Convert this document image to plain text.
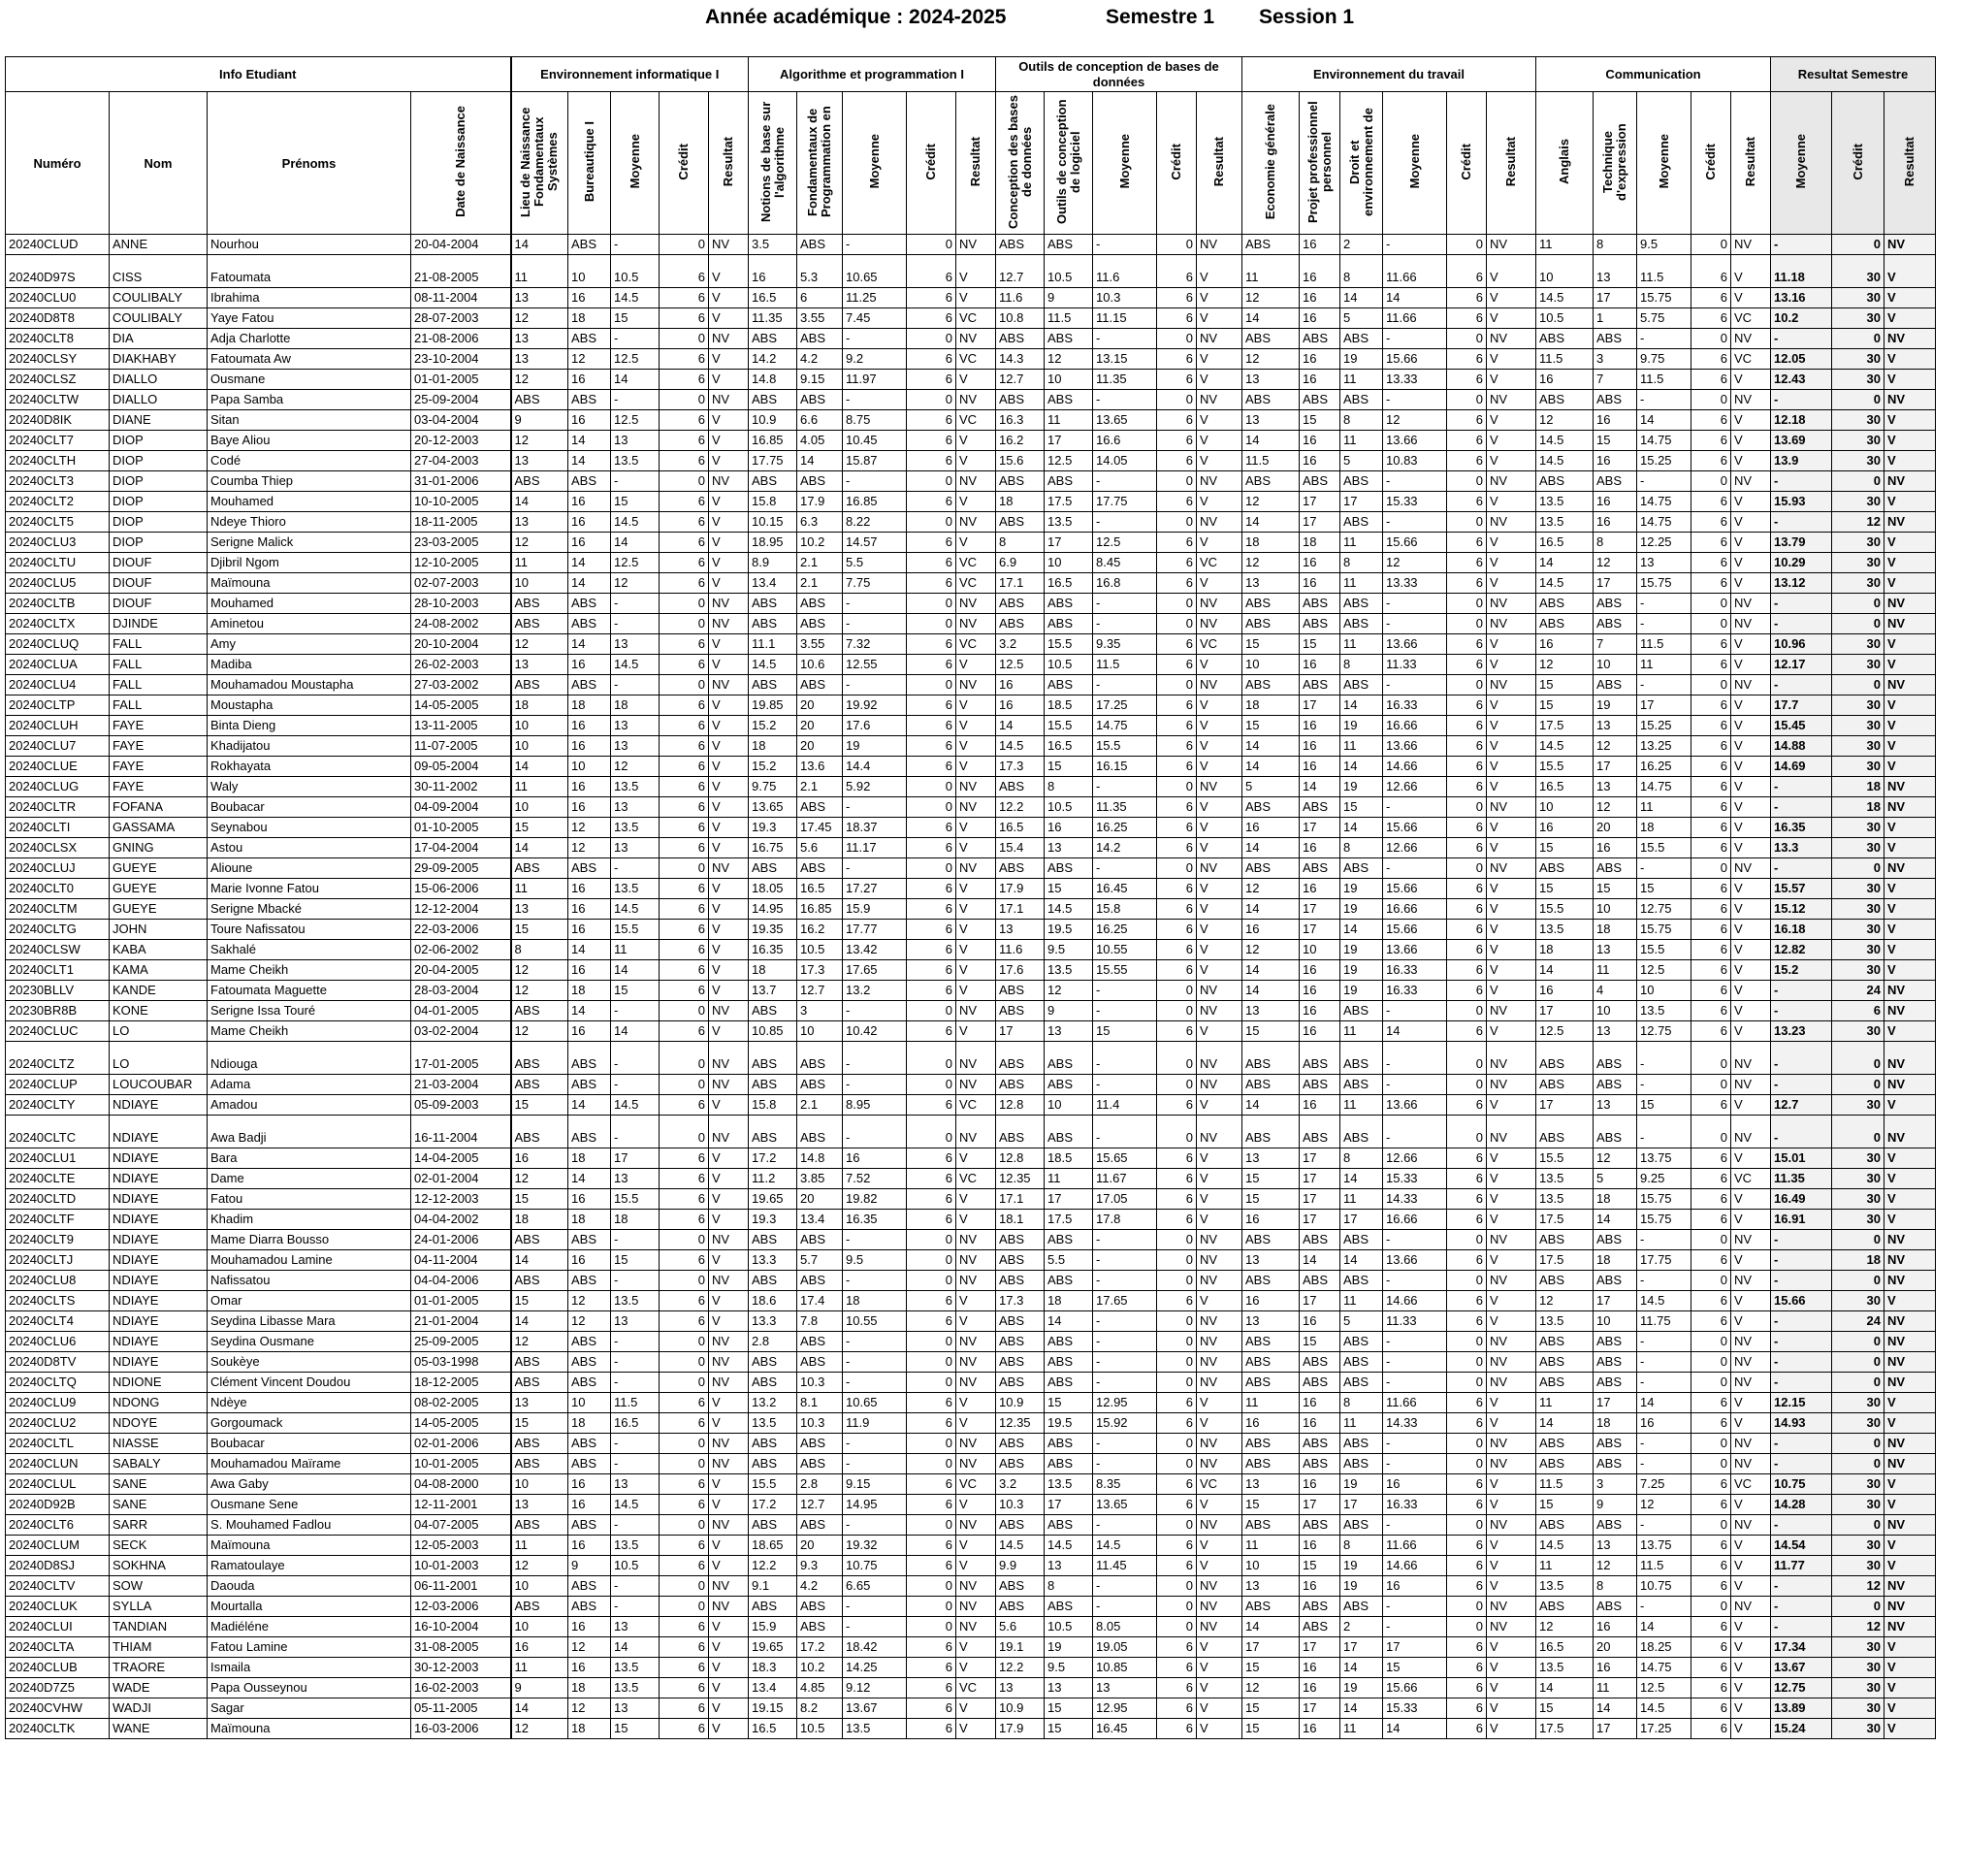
Année académique : 2024-2025	Semestre 1 Session 1
Info Etudiant				Environnement informatique I					Algorithme et programmation I					Outils de conception de bases de données					Environnement du travail						Communication					Resultat Semestre		
Numéro	Nom	Prénoms	Date de Naissance	Lieu de Naissance Fondamentaux Systèmes	Bureautique I	Moyenne	Crédit	Resultat	Notions de base sur l'algorithme	Fondamentaux de Programmation en	Moyenne	Crédit	Resultat	Conception des bases de données	Outils de conception de logiciel	Moyenne	Crédit	Resultat	Economie générale	Projet professionnel personnel	Droit et environnement de	Moyenne	Crédit	Resultat	Anglais	Technique d'expression	Moyenne	Crédit	Resultat	Moyenne	Crédit	Resultat
20240CLUD	ANNE	Nourhou	20-04-2004	14	ABS	-	0	NV	3.5	ABS	-	0	NV	ABS	ABS	-	0	NV	ABS	16	2	-	0	NV	11	8	9.5	0	NV	-	0	NV
20240D97S	CISS	Fatoumata	21-08-2005	11	10	10.5	6	V	16	5.3	10.65	6	V	12.7	10.5	11.6	6	V	11	16	8	11.66	6	V	10	13	11.5	6	V	11.18	30	V
20240CLU0	COULIBALY	Ibrahima	08-11-2004	13	16	14.5	6	V	16.5	6	11.25	6	V	11.6	9	10.3	6	V	12	16	14	14	6	V	14.5	17	15.75	6	V	13.16	30	V
20240D8T8	COULIBALY	Yaye Fatou	28-07-2003	12	18	15	6	V	11.35	3.55	7.45	6	VC	10.8	11.5	11.15	6	V	14	16	5	11.66	6	V	10.5	1	5.75	6	VC	10.2	30	V
20240CLT8	DIA	Adja Charlotte	21-08-2006	13	ABS	-	0	NV	ABS	ABS	-	0	NV	ABS	ABS	-	0	NV	ABS	ABS	ABS	-	0	NV	ABS	ABS	-	0	NV	-	0	NV
20240CLSY	DIAKHABY	Fatoumata Aw	23-10-2004	13	12	12.5	6	V	14.2	4.2	9.2	6	VC	14.3	12	13.15	6	V	12	16	19	15.66	6	V	11.5	3	9.75	6	VC	12.05	30	V
20240CLSZ	DIALLO	Ousmane	01-01-2005	12	16	14	6	V	14.8	9.15	11.97	6	V	12.7	10	11.35	6	V	13	16	11	13.33	6	V	16	7	11.5	6	V	12.43	30	V
20240CLTW	DIALLO	Papa Samba	25-09-2004	ABS	ABS	-	0	NV	ABS	ABS	-	0	NV	ABS	ABS	-	0	NV	ABS	ABS	ABS	-	0	NV	ABS	ABS	-	0	NV	-	0	NV
20240D8IK	DIANE	Sitan	03-04-2004	9	16	12.5	6	V	10.9	6.6	8.75	6	VC	16.3	11	13.65	6	V	13	15	8	12	6	V	12	16	14	6	V	12.18	30	V
20240CLT7	DIOP	Baye Aliou	20-12-2003	12	14	13	6	V	16.85	4.05	10.45	6	V	16.2	17	16.6	6	V	14	16	11	13.66	6	V	14.5	15	14.75	6	V	13.69	30	V
20240CLTH	DIOP	Codé	27-04-2003	13	14	13.5	6	V	17.75	14	15.87	6	V	15.6	12.5	14.05	6	V	11.5	16	5	10.83	6	V	14.5	16	15.25	6	V	13.9	30	V
20240CLT3	DIOP	Coumba Thiep	31-01-2006	ABS	ABS	-	0	NV	ABS	ABS	-	0	NV	ABS	ABS	-	0	NV	ABS	ABS	ABS	-	0	NV	ABS	ABS	-	0	NV	-	0	NV
20240CLT2	DIOP	Mouhamed	10-10-2005	14	16	15	6	V	15.8	17.9	16.85	6	V	18	17.5	17.75	6	V	12	17	17	15.33	6	V	13.5	16	14.75	6	V	15.93	30	V
20240CLT5	DIOP	Ndeye Thioro	18-11-2005	13	16	14.5	6	V	10.15	6.3	8.22	0	NV	ABS	13.5	-	0	NV	14	17	ABS	-	0	NV	13.5	16	14.75	6	V	-	12	NV
20240CLU3	DIOP	Serigne Malick	23-03-2005	12	16	14	6	V	18.95	10.2	14.57	6	V	8	17	12.5	6	V	18	18	11	15.66	6	V	16.5	8	12.25	6	V	13.79	30	V
20240CLTU	DIOUF	Djibril Ngom	12-10-2005	11	14	12.5	6	V	8.9	2.1	5.5	6	VC	6.9	10	8.45	6	VC	12	16	8	12	6	V	14	12	13	6	V	10.29	30	V
20240CLU5	DIOUF	Maïmouna	02-07-2003	10	14	12	6	V	13.4	2.1	7.75	6	VC	17.1	16.5	16.8	6	V	13	16	11	13.33	6	V	14.5	17	15.75	6	V	13.12	30	V
20240CLTB	DIOUF	Mouhamed	28-10-2003	ABS	ABS	-	0	NV	ABS	ABS	-	0	NV	ABS	ABS	-	0	NV	ABS	ABS	ABS	-	0	NV	ABS	ABS	-	0	NV	-	0	NV
20240CLTX	DJINDE	Aminetou	24-08-2002	ABS	ABS	-	0	NV	ABS	ABS	-	0	NV	ABS	ABS	-	0	NV	ABS	ABS	ABS	-	0	NV	ABS	ABS	-	0	NV	-	0	NV
20240CLUQ	FALL	Amy	20-10-2004	12	14	13	6	V	11.1	3.55	7.32	6	VC	3.2	15.5	9.35	6	VC	15	15	11	13.66	6	V	16	7	11.5	6	V	10.96	30	V
20240CLUA	FALL	Madiba	26-02-2003	13	16	14.5	6	V	14.5	10.6	12.55	6	V	12.5	10.5	11.5	6	V	10	16	8	11.33	6	V	12	10	11	6	V	12.17	30	V
20240CLU4	FALL	Mouhamadou Moustapha	27-03-2002	ABS	ABS	-	0	NV	ABS	ABS	-	0	NV	16	ABS	-	0	NV	ABS	ABS	ABS	-	0	NV	15	ABS	-	0	NV	-	0	NV
20240CLTP	FALL	Moustapha	14-05-2005	18	18	18	6	V	19.85	20	19.92	6	V	16	18.5	17.25	6	V	18	17	14	16.33	6	V	15	19	17	6	V	17.7	30	V
20240CLUH	FAYE	Binta Dieng	13-11-2005	10	16	13	6	V	15.2	20	17.6	6	V	14	15.5	14.75	6	V	15	16	19	16.66	6	V	17.5	13	15.25	6	V	15.45	30	V
20240CLU7	FAYE	Khadijatou	11-07-2005	10	16	13	6	V	18	20	19	6	V	14.5	16.5	15.5	6	V	14	16	11	13.66	6	V	14.5	12	13.25	6	V	14.88	30	V
20240CLUE	FAYE	Rokhayata	09-05-2004	14	10	12	6	V	15.2	13.6	14.4	6	V	17.3	15	16.15	6	V	14	16	14	14.66	6	V	15.5	17	16.25	6	V	14.69	30	V
20240CLUG	FAYE	Waly	30-11-2002	11	16	13.5	6	V	9.75	2.1	5.92	0	NV	ABS	8	-	0	NV	5	14	19	12.66	6	V	16.5	13	14.75	6	V	-	18	NV
20240CLTR	FOFANA	Boubacar	04-09-2004	10	16	13	6	V	13.65	ABS	-	0	NV	12.2	10.5	11.35	6	V	ABS	ABS	15	-	0	NV	10	12	11	6	V	-	18	NV
20240CLTI	GASSAMA	Seynabou	01-10-2005	15	12	13.5	6	V	19.3	17.45	18.37	6	V	16.5	16	16.25	6	V	16	17	14	15.66	6	V	16	20	18	6	V	16.35	30	V
20240CLSX	GNING	Astou	17-04-2004	14	12	13	6	V	16.75	5.6	11.17	6	V	15.4	13	14.2	6	V	14	16	8	12.66	6	V	15	16	15.5	6	V	13.3	30	V
20240CLUJ	GUEYE	Alioune	29-09-2005	ABS	ABS	-	0	NV	ABS	ABS	-	0	NV	ABS	ABS	-	0	NV	ABS	ABS	ABS	-	0	NV	ABS	ABS	-	0	NV	-	0	NV
20240CLT0	GUEYE	Marie Ivonne Fatou	15-06-2006	11	16	13.5	6	V	18.05	16.5	17.27	6	V	17.9	15	16.45	6	V	12	16	19	15.66	6	V	15	15	15	6	V	15.57	30	V
20240CLTM	GUEYE	Serigne Mbacké	12-12-2004	13	16	14.5	6	V	14.95	16.85	15.9	6	V	17.1	14.5	15.8	6	V	14	17	19	16.66	6	V	15.5	10	12.75	6	V	15.12	30	V
20240CLTG	JOHN	Toure Nafissatou	22-03-2006	15	16	15.5	6	V	19.35	16.2	17.77	6	V	13	19.5	16.25	6	V	16	17	14	15.66	6	V	13.5	18	15.75	6	V	16.18	30	V
20240CLSW	KABA	Sakhalé	02-06-2002	8	14	11	6	V	16.35	10.5	13.42	6	V	11.6	9.5	10.55	6	V	12	10	19	13.66	6	V	18	13	15.5	6	V	12.82	30	V
20240CLT1	KAMA	Mame Cheikh	20-04-2005	12	16	14	6	V	18	17.3	17.65	6	V	17.6	13.5	15.55	6	V	14	16	19	16.33	6	V	14	11	12.5	6	V	15.2	30	V
20230BLLV	KANDE	Fatoumata Maguette	28-03-2004	12	18	15	6	V	13.7	12.7	13.2	6	V	ABS	12	-	0	NV	14	16	19	16.33	6	V	16	4	10	6	V	-	24	NV
20230BR8B	KONE	Serigne Issa Touré	04-01-2005	ABS	14	-	0	NV	ABS	3	-	0	NV	ABS	9	-	0	NV	13	16	ABS	-	0	NV	17	10	13.5	6	V	-	6	NV
20240CLUC	LO	Mame Cheikh	03-02-2004	12	16	14	6	V	10.85	10	10.42	6	V	17	13	15	6	V	15	16	11	14	6	V	12.5	13	12.75	6	V	13.23	30	V
20240CLTZ	LO	Ndiouga	17-01-2005	ABS	ABS	-	0	NV	ABS	ABS	-	0	NV	ABS	ABS	-	0	NV	ABS	ABS	ABS	-	0	NV	ABS	ABS	-	0	NV	-	0	NV
20240CLUP	LOUCOUBAR	Adama	21-03-2004	ABS	ABS	-	0	NV	ABS	ABS	-	0	NV	ABS	ABS	-	0	NV	ABS	ABS	ABS	-	0	NV	ABS	ABS	-	0	NV	-	0	NV
20240CLTY	NDIAYE	Amadou	05-09-2003	15	14	14.5	6	V	15.8	2.1	8.95	6	VC	12.8	10	11.4	6	V	14	16	11	13.66	6	V	17	13	15	6	V	12.7	30	V
20240CLTC	NDIAYE	Awa Badji	16-11-2004	ABS	ABS	-	0	NV	ABS	ABS	-	0	NV	ABS	ABS	-	0	NV	ABS	ABS	ABS	-	0	NV	ABS	ABS	-	0	NV	-	0	NV
20240CLU1	NDIAYE	Bara	14-04-2005	16	18	17	6	V	17.2	14.8	16	6	V	12.8	18.5	15.65	6	V	13	17	8	12.66	6	V	15.5	12	13.75	6	V	15.01	30	V
20240CLTE	NDIAYE	Dame	02-01-2004	12	14	13	6	V	11.2	3.85	7.52	6	VC	12.35	11	11.67	6	V	15	17	14	15.33	6	V	13.5	5	9.25	6	VC	11.35	30	V
20240CLTD	NDIAYE	Fatou	12-12-2003	15	16	15.5	6	V	19.65	20	19.82	6	V	17.1	17	17.05	6	V	15	17	11	14.33	6	V	13.5	18	15.75	6	V	16.49	30	V
20240CLTF	NDIAYE	Khadim	04-04-2002	18	18	18	6	V	19.3	13.4	16.35	6	V	18.1	17.5	17.8	6	V	16	17	17	16.66	6	V	17.5	14	15.75	6	V	16.91	30	V
20240CLT9	NDIAYE	Mame Diarra Bousso	24-01-2006	ABS	ABS	-	0	NV	ABS	ABS	-	0	NV	ABS	ABS	-	0	NV	ABS	ABS	ABS	-	0	NV	ABS	ABS	-	0	NV	-	0	NV
20240CLTJ	NDIAYE	Mouhamadou Lamine	04-11-2004	14	16	15	6	V	13.3	5.7	9.5	0	NV	ABS	5.5	-	0	NV	13	14	14	13.66	6	V	17.5	18	17.75	6	V	-	18	NV
20240CLU8	NDIAYE	Nafissatou	04-04-2006	ABS	ABS	-	0	NV	ABS	ABS	-	0	NV	ABS	ABS	-	0	NV	ABS	ABS	ABS	-	0	NV	ABS	ABS	-	0	NV	-	0	NV
20240CLTS	NDIAYE	Omar	01-01-2005	15	12	13.5	6	V	18.6	17.4	18	6	V	17.3	18	17.65	6	V	16	17	11	14.66	6	V	12	17	14.5	6	V	15.66	30	V
20240CLT4	NDIAYE	Seydina Libasse Mara	21-01-2004	14	12	13	6	V	13.3	7.8	10.55	6	V	ABS	14	-	0	NV	13	16	5	11.33	6	V	13.5	10	11.75	6	V	-	24	NV
20240CLU6	NDIAYE	Seydina Ousmane	25-09-2005	12	ABS	-	0	NV	2.8	ABS	-	0	NV	ABS	ABS	-	0	NV	ABS	15	ABS	-	0	NV	ABS	ABS	-	0	NV	-	0	NV
20240D8TV	NDIAYE	Soukèye	05-03-1998	ABS	ABS	-	0	NV	ABS	ABS	-	0	NV	ABS	ABS	-	0	NV	ABS	ABS	ABS	-	0	NV	ABS	ABS	-	0	NV	-	0	NV
20240CLTQ	NDIONE	Clément Vincent Doudou	18-12-2005	ABS	ABS	-	0	NV	ABS	10.3	-	0	NV	ABS	ABS	-	0	NV	ABS	ABS	ABS	-	0	NV	ABS	ABS	-	0	NV	-	0	NV
20240CLU9	NDONG	Ndèye	08-02-2005	13	10	11.5	6	V	13.2	8.1	10.65	6	V	10.9	15	12.95	6	V	11	16	8	11.66	6	V	11	17	14	6	V	12.15	30	V
20240CLU2	NDOYE	Gorgoumack	14-05-2005	15	18	16.5	6	V	13.5	10.3	11.9	6	V	12.35	19.5	15.92	6	V	16	16	11	14.33	6	V	14	18	16	6	V	14.93	30	V
20240CLTL	NIASSE	Boubacar	02-01-2006	ABS	ABS	-	0	NV	ABS	ABS	-	0	NV	ABS	ABS	-	0	NV	ABS	ABS	ABS	-	0	NV	ABS	ABS	-	0	NV	-	0	NV
20240CLUN	SABALY	Mouhamadou Maïrame	10-01-2005	ABS	ABS	-	0	NV	ABS	ABS	-	0	NV	ABS	ABS	-	0	NV	ABS	ABS	ABS	-	0	NV	ABS	ABS	-	0	NV	-	0	NV
20240CLUL	SANE	Awa Gaby	04-08-2000	10	16	13	6	V	15.5	2.8	9.15	6	VC	3.2	13.5	8.35	6	VC	13	16	19	16	6	V	11.5	3	7.25	6	VC	10.75	30	V
20240D92B	SANE	Ousmane Sene	12-11-2001	13	16	14.5	6	V	17.2	12.7	14.95	6	V	10.3	17	13.65	6	V	15	17	17	16.33	6	V	15	9	12	6	V	14.28	30	V
20240CLT6	SARR	S. Mouhamed Fadlou	04-07-2005	ABS	ABS	-	0	NV	ABS	ABS	-	0	NV	ABS	ABS	-	0	NV	ABS	ABS	ABS	-	0	NV	ABS	ABS	-	0	NV	-	0	NV
20240CLUM	SECK	Maïmouna	12-05-2003	11	16	13.5	6	V	18.65	20	19.32	6	V	14.5	14.5	14.5	6	V	11	16	8	11.66	6	V	14.5	13	13.75	6	V	14.54	30	V
20240D8SJ	SOKHNA	Ramatoulaye	10-01-2003	12	9	10.5	6	V	12.2	9.3	10.75	6	V	9.9	13	11.45	6	V	10	15	19	14.66	6	V	11	12	11.5	6	V	11.77	30	V
20240CLTV	SOW	Daouda	06-11-2001	10	ABS	-	0	NV	9.1	4.2	6.65	0	NV	ABS	8	-	0	NV	13	16	19	16	6	V	13.5	8	10.75	6	V	-	12	NV
20240CLUK	SYLLA	Mourtalla	12-03-2006	ABS	ABS	-	0	NV	ABS	ABS	-	0	NV	ABS	ABS	-	0	NV	ABS	ABS	ABS	-	0	NV	ABS	ABS	-	0	NV	-	0	NV
20240CLUI	TANDIAN	Madiéléne	16-10-2004	10	16	13	6	V	15.9	ABS	-	0	NV	5.6	10.5	8.05	0	NV	14	ABS	2	-	0	NV	12	16	14	6	V	-	12	NV
20240CLTA	THIAM	Fatou Lamine	31-08-2005	16	12	14	6	V	19.65	17.2	18.42	6	V	19.1	19	19.05	6	V	17	17	17	17	6	V	16.5	20	18.25	6	V	17.34	30	V
20240CLUB	TRAORE	Ismaila	30-12-2003	11	16	13.5	6	V	18.3	10.2	14.25	6	V	12.2	9.5	10.85	6	V	15	16	14	15	6	V	13.5	16	14.75	6	V	13.67	30	V
20240D7Z5	WADE	Papa Ousseynou	16-02-2003	9	18	13.5	6	V	13.4	4.85	9.12	6	VC	13	13	13	6	V	12	16	19	15.66	6	V	14	11	12.5	6	V	12.75	30	V
20240CVHW	WADJI	Sagar	05-11-2005	14	12	13	6	V	19.15	8.2	13.67	6	V	10.9	15	12.95	6	V	15	17	14	15.33	6	V	15	14	14.5	6	V	13.89	30	V
20240CLTK	WANE	Maïmouna	16-03-2006	12	18	15	6	V	16.5	10.5	13.5	6	V	17.9	15	16.45	6	V	15	16	11	14	6	V	17.5	17	17.25	6	V	15.24	30	V
